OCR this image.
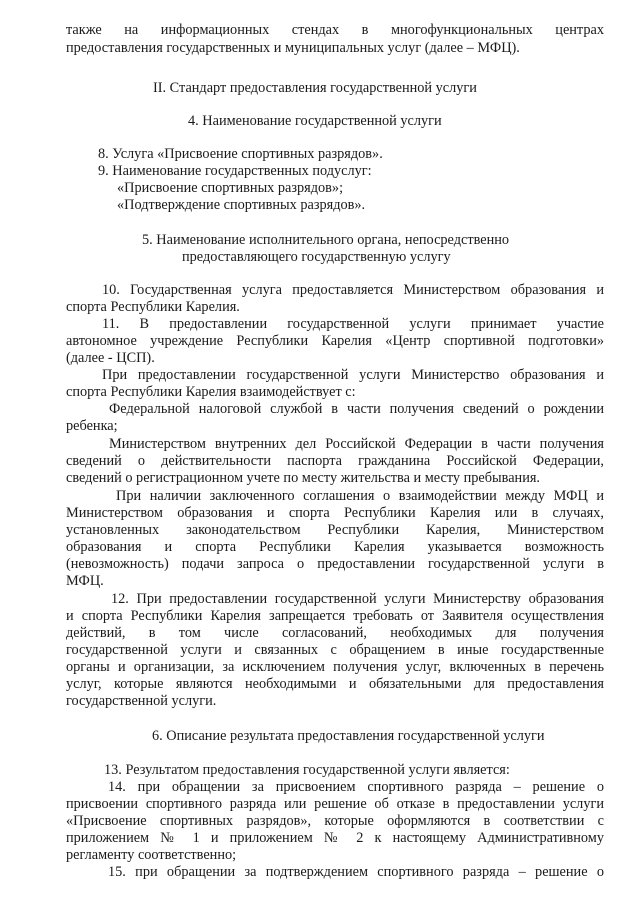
также на информационных стендах в многофункциональных центрах
предоставления государственных и муниципальных услуг (далее – МФЦ).
II. Стандарт предоставления государственной услуги
4. Наименование государственной услуги
8. Услуга «Присвоение спортивных разрядов».
9. Наименование государственных подуслуг:
«Присвоение спортивных разрядов»;
«Подтверждение спортивных разрядов».
5. Наименование исполнительного органа, непосредственно
предоставляющего государственную услугу
10. Государственная услуга предоставляется Министерством образования и
спорта Республики Карелия.
11. В предоставлении государственной услуги принимает участие
автономное учреждение Республики Карелия «Центр спортивной подготовки»
(далее - ЦСП).
При предоставлении государственной услуги Министерство образования и
спорта Республики Карелия взаимодействует с:
Федеральной налоговой службой в части получения сведений о рождении
ребенка;
Министерством внутренних дел Российской Федерации в части получения
сведений о действительности паспорта гражданина Российской Федерации,
сведений о регистрационном учете по месту жительства и месту пребывания.
При наличии заключенного соглашения о взаимодействии между МФЦ и
Министерством образования и спорта Республики Карелия или в случаях,
установленных законодательством Республики Карелия, Министерством
образования и спорта Республики Карелия указывается возможность
(невозможность) подачи запроса о предоставлении государственной услуги в
МФЦ.
12. При предоставлении государственной услуги Министерству образования
и спорта Республики Карелия запрещается требовать от Заявителя осуществления
действий, в том числе согласований, необходимых для получения
государственной услуги и связанных с обращением в иные государственные
органы и организации, за исключением получения услуг, включенных в перечень
услуг, которые являются необходимыми и обязательными для предоставления
государственной услуги.
6. Описание результата предоставления государственной услуги
13. Результатом предоставления государственной услуги является:
14. при обращении за присвоением спортивного разряда – решение о
присвоении спортивного разряда или решение об отказе в предоставлении услуги
«Присвоение спортивных разрядов», которые оформляются в соответствии с
приложением № 1 и приложением № 2 к настоящему Административному
регламенту соответственно;
15. при обращении за подтверждением спортивного разряда – решение о
